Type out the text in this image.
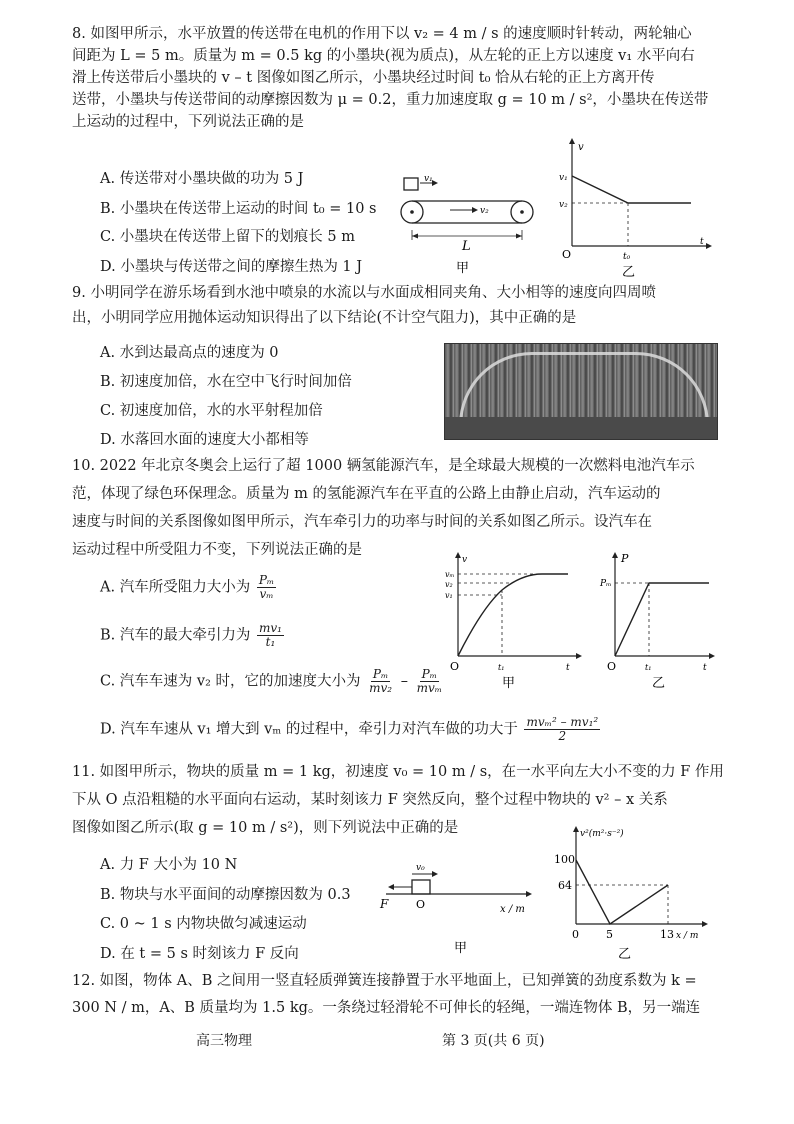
8. 如图甲所示，水平放置的传送带在电机的作用下以 v₂ = 4 m / s 的速度顺时针转动，两轮轴心
间距为 L = 5 m。质量为 m = 0.5 kg 的小墨块(视为质点)，从左轮的正上方以速度 v₁ 水平向右
滑上传送带后小墨块的 v – t 图像如图乙所示，小墨块经过时间 t₀ 恰从右轮的正上方离开传
送带，小墨块与传送带间的动摩擦因数为 μ = 0.2，重力加速度取 g = 10 m / s²，小墨块在传送带
上运动的过程中，下列说法正确的是
A. 传送带对小墨块做的功为 5 J
B. 小墨块在传送带上运动的时间 t₀ = 10 s
C. 小墨块在传送带上留下的划痕长 5 m
D. 小墨块与传送带之间的摩擦生热为 1 J
v₁
v₂
L
甲
v
t
v₁
v₂
O	t₀
乙
9. 小明同学在游乐场看到水池中喷泉的水流以与水面成相同夹角、大小相等的速度向四周喷
出，小明同学应用抛体运动知识得出了以下结论(不计空气阻力)，其中正确的是
A. 水到达最高点的速度为 0
B. 初速度加倍，水在空中飞行时间加倍
C. 初速度加倍，水的水平射程加倍
D. 水落回水面的速度大小都相等
10. 2022 年北京冬奥会上运行了超 1000 辆氢能源汽车，是全球最大规模的一次燃料电池汽车示
范，体现了绿色环保理念。质量为 m 的氢能源汽车在平直的公路上由静止启动，汽车运动的
速度与时间的关系图像如图甲所示，汽车牵引力的功率与时间的关系如图乙所示。设汽车在
运动过程中所受阻力不变，下列说法正确的是
A. 汽车所受阻力大小为 $\frac{\text{Pₘ}}{\text{vₘ}}$
B. 汽车的最大牵引力为 $\frac{\text{mv₁}}{\text{t₁}}$
C. 汽车车速为 v₂ 时，它的加速度大小为 $\frac{\text{Pₘ}}{\text{mv₂}} - \frac{\text{Pₘ}}{\text{mvₘ}}$
D. 汽车车速从 v₁ 增大到 vₘ 的过程中，牵引力对汽车做的功大于 $\frac{\text{mvₘ² – mv₁²}}{2}$
v
t
vₘ
v₂
v₁
O	t₁
甲
P
t
Pₘ
O	t₁
乙
11. 如图甲所示，物块的质量 m = 1 kg，初速度 v₀ = 10 m / s，在一水平向左大小不变的力 F 作用
下从 O 点沿粗糙的水平面向右运动，某时刻该力 F 突然反向，整个过程中物块的 v² – x 关系
图像如图乙所示(取 g = 10 m / s²)，则下列说法中正确的是
A. 力 F 大小为 10 N
B. 物块与水平面间的动摩擦因数为 0.3
C. 0 ~ 1 s 内物块做匀减速运动
D. 在 t = 5 s 时刻该力 F 反向
v₀
F	O	x / m
甲
v²(m²·s⁻²)
100
64
0 5	13 x / m
乙
12. 如图，物体 A、B 之间用一竖直轻质弹簧连接静置于水平地面上，已知弹簧的劲度系数为 k =
300 N / m，A、B 质量均为 1.5 kg。一条绕过轻滑轮不可伸长的轻绳，一端连物体 B，另一端连
高三物理	第 3 页(共 6 页)
